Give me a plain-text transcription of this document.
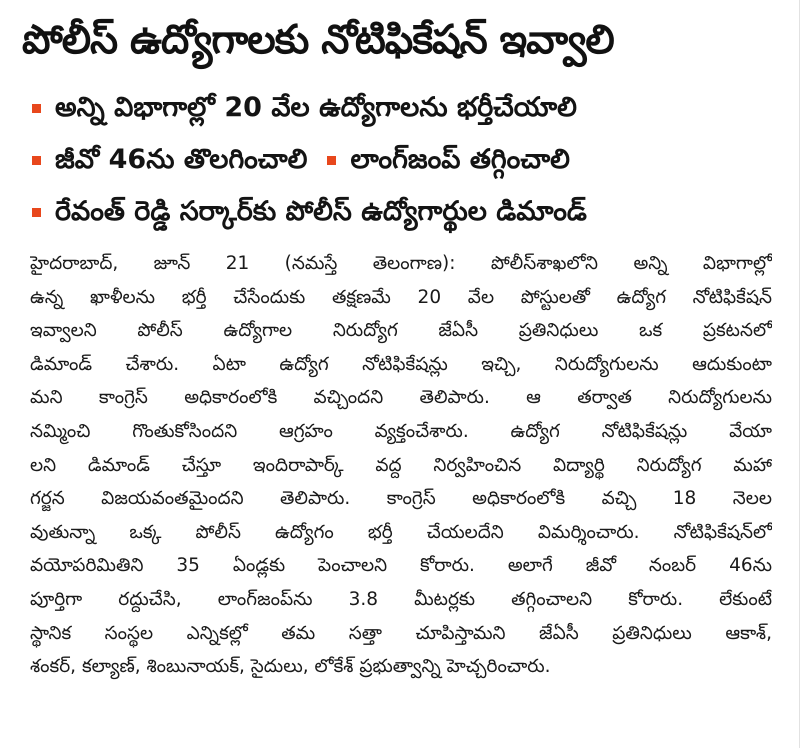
పోలీస్ ఉద్యోగాలకు నోటిఫికేషన్ ఇవ్వాలి
అన్ని విభాగాల్లో 20 వేల ఉద్యోగాలను భర్తీచేయాలి
జీవో 46ను తొలగించాలి లాంగ్‌జంప్ తగ్గించాలి
రేవంత్ రెడ్డి సర్కార్‌కు పోలీస్ ఉద్యోగార్థుల డిమాండ్
హైదరాబాద్, జూన్ 21 (నమస్తే తెలంగాణ): పోలీస్‌శాఖలోని అన్ని విభాగాల్లో
ఉన్న ఖాళీలను భర్తీ చేసేందుకు తక్షణమే 20 వేల పోస్టులతో ఉద్యోగ నోటిఫికేషన్
ఇవ్వాలని పోలీస్ ఉద్యోగాల నిరుద్యోగ జేఏసీ ప్రతినిధులు ఒక ప్రకటనలో
డిమాండ్ చేశారు. ఏటా ఉద్యోగ నోటిఫికేషన్లు ఇచ్చి, నిరుద్యోగులను ఆదుకుంటా
మని కాంగ్రెస్ అధికారంలోకి వచ్చిందని తెలిపారు. ఆ తర్వాత నిరుద్యోగులను
నమ్మించి గొంతుకోసిందని ఆగ్రహం వ్యక్తంచేశారు. ఉద్యోగ నోటిఫికేషన్లు వేయా
లని డిమాండ్ చేస్తూ ఇందిరాపార్క్ వద్ద నిర్వహించిన విద్యార్థి నిరుద్యోగ మహా
గర్జన విజయవంతమైందని తెలిపారు. కాంగ్రెస్ అధికారంలోకి వచ్చి 18 నెలల
వుతున్నా ఒక్క పోలీస్ ఉద్యోగం భర్తీ చేయలదేని విమర్శించారు. నోటిఫికేషన్‌లో
వయోపరిమితిని 35 ఏండ్లకు పెంచాలని కోరారు. అలాగే జీవో నంబర్ 46ను
పూర్తిగా రద్దుచేసి, లాంగ్‌జంప్‌ను 3.8 మీటర్లకు తగ్గించాలని కోరారు. లేకుంటే
స్థానిక సంస్థల ఎన్నికల్లో తమ సత్తా చూపిస్తామని జేఏసీ ప్రతినిధులు ఆకాశ్,
శంకర్, కల్యాణ్, శింబునాయక్, సైదులు, లోకేశ్ ప్రభుత్వాన్ని హెచ్చరించారు.
